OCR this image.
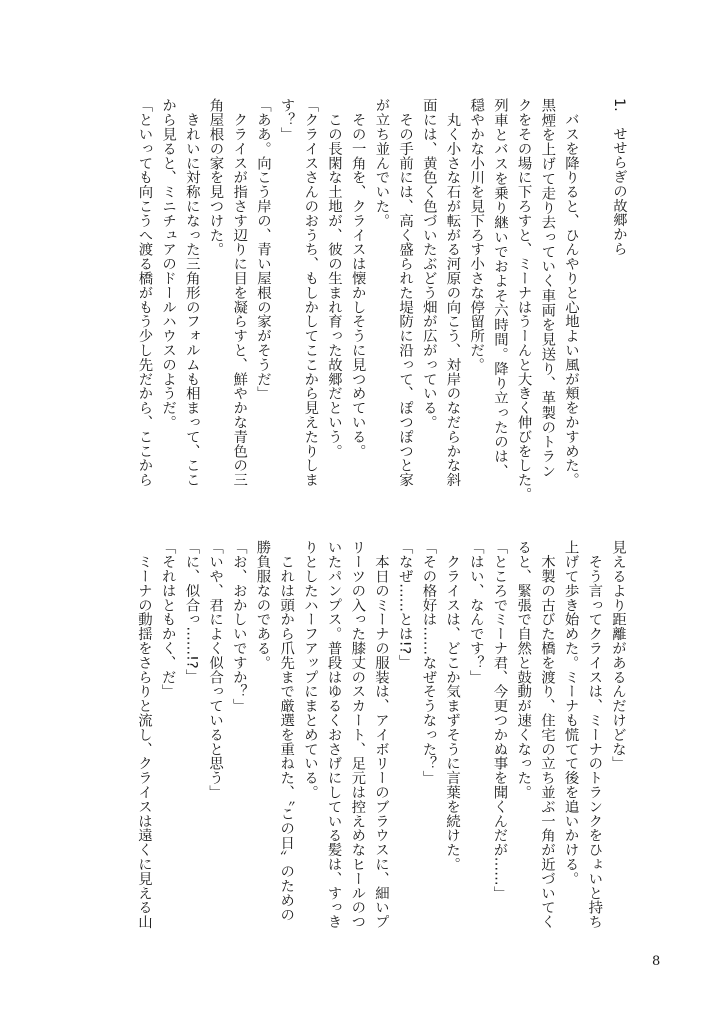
1.　せせらぎの故郷から
　バスを降りると、ひんやりと心地よい風が頬をかすめた。
黒煙を上げて走り去っていく車両を見送り、革製のトラン
クをその場に下ろすと、ミーナはうーんと大きく伸びをした。
列車とバスを乗り継いでおよそ六時間。降り立ったのは、
穏やかな小川を見下ろす小さな停留所だ。
　丸く小さな石が転がる河原の向こう、対岸のなだらかな斜
面には、黄色く色づいたぶどう畑が広がっている。
　その手前には、高く盛られた堤防に沿って、ぽつぽつと家
が立ち並んでいた。
　その一角を、クライスは懐かしそうに見つめている。
　この長閑な土地が、彼の生まれ育った故郷だという。
「クライスさんのおうち、もしかしてここから見えたりしま
す？」
「ああ。向こう岸の、青い屋根の家がそうだ」
　クライスが指さす辺りに目を凝らすと、鮮やかな青色の三
角屋根の家を見つけた。
　きれいに対称になった三角形のフォルムも相まって、ここ
から見ると、ミニチュアのドールハウスのようだ。
「といっても向こうへ渡る橋がもう少し先だから、ここから
見えるより距離があるんだけどな」
　そう言ってクライスは、ミーナのトランクをひょいと持ち
上げて歩き始めた。ミーナも慌てて後を追いかける。
　木製の古びた橋を渡り、住宅の立ち並ぶ一角が近づいてく
ると、緊張で自然と鼓動が速くなった。
「ところでミーナ君、今更つかぬ事を聞くんだが……」
「はい、なんです？」
　クライスは、どこか気まずそうに言葉を続けた。
「その格好は……なぜそうなった？」
「なぜ……とは!?」
　本日のミーナの服装は、アイボリーのブラウスに、細いプ
リーツの入った膝丈のスカート、足元は控えめなヒールのつ
いたパンプス。普段はゆるくおさげにしている髪は、すっき
りとしたハーフアップにまとめている。
　これは頭から爪先まで厳選を重ねた、〝この日〟のための
勝負服なのである。
「お、おかしいですか？」
「いや、君によく似合っていると思う」
「に、似合っ……!?」
「それはともかく、だ」
　ミーナの動揺をさらりと流し、クライスは遠くに見える山
8
